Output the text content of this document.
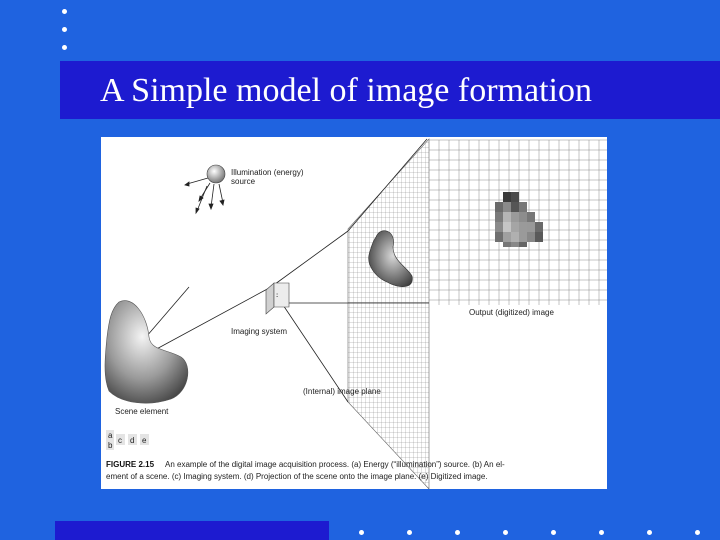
A Simple model of image formation
Illumination (energy)
source
:
Imaging system
Output (digitized) image
(Internal) image plane
Scene element
a
b
c d e
FIGURE 2.15 An example of the digital image acquisition process. (a) Energy (“illumination”) source. (b) An el-
ement of a scene. (c) Imaging system. (d) Projection of the scene onto the image plane. (e) Digitized image.
